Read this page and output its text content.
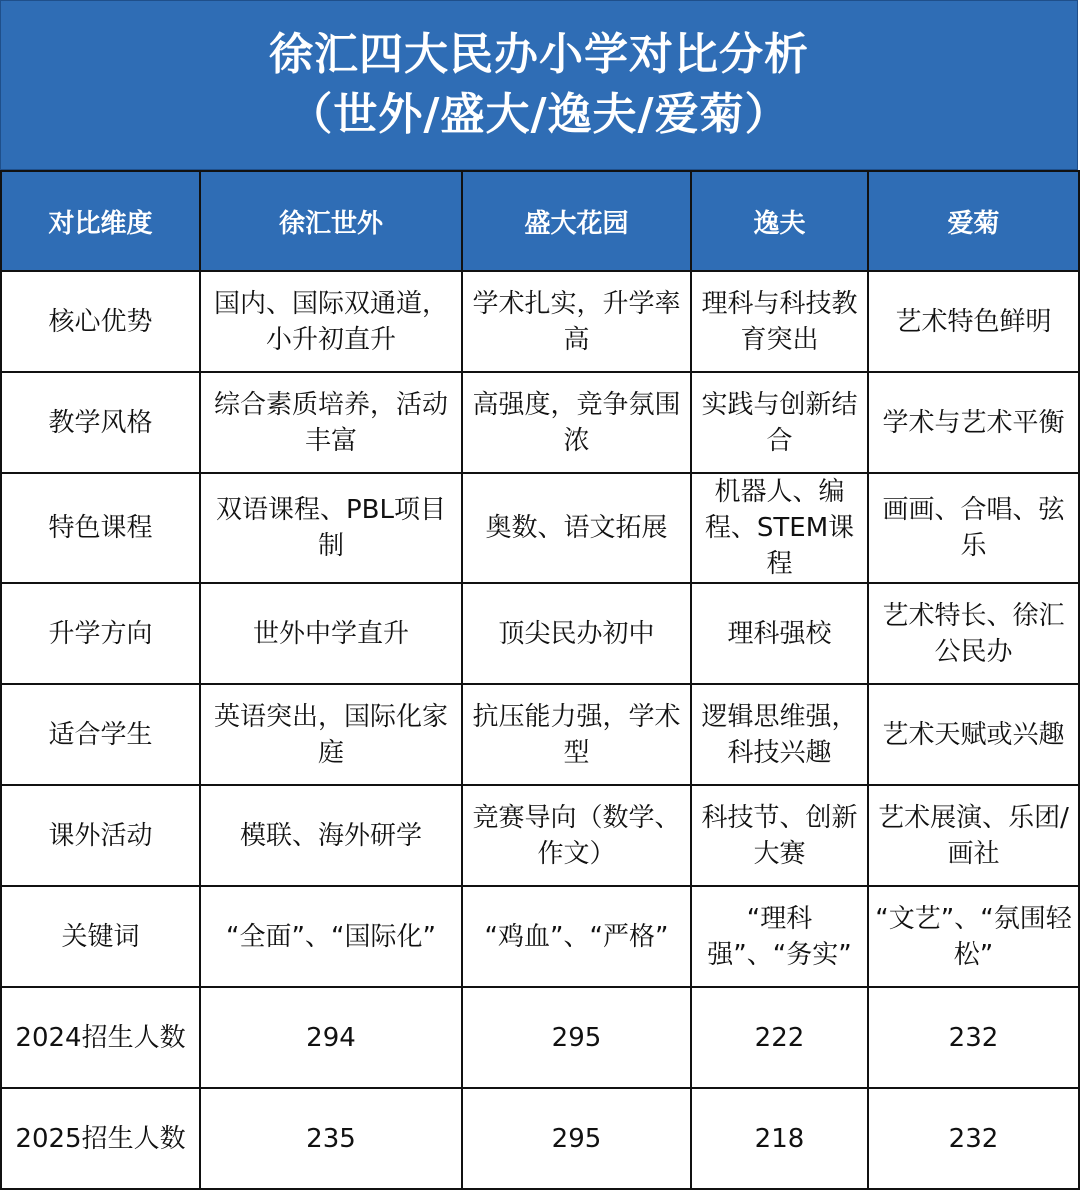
徐汇四大民办小学对比分析
（世外/盛大/逸夫/爱菊）
对比维度	徐汇世外	盛大花园	逸夫	爱菊
核心优势	国内、国际双通道，小升初直升	学术扎实，升学率高	理科与科技教育突出	艺术特色鲜明
教学风格	综合素质培养，活动丰富	高强度，竞争氛围浓	实践与创新结合	学术与艺术平衡
特色课程	双语课程、PBL项目制	奥数、语文拓展	机器人、编程、STEM课程	画画、合唱、弦乐
升学方向	世外中学直升	顶尖民办初中	理科强校	艺术特长、徐汇公民办
适合学生	英语突出，国际化家庭	抗压能力强，学术型	逻辑思维强，科技兴趣	艺术天赋或兴趣
课外活动	模联、海外研学	竞赛导向（数学、作文）	科技节、创新大赛	艺术展演、乐团/画社
关键词	“全面”、“国际化”	“鸡血”、“严格”	“理科强”、“务实”	“文艺”、“氛围轻松”
2024招生人数	294	295	222	232
2025招生人数	235	295	218	232
